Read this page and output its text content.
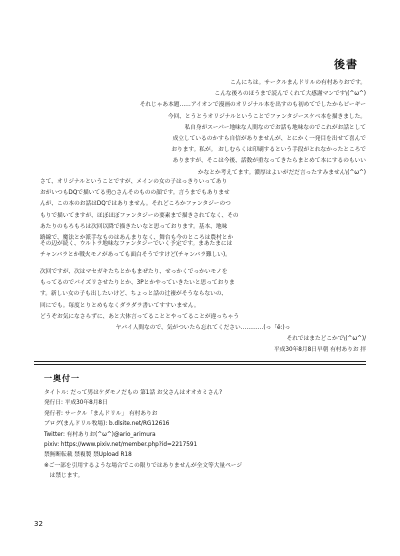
後書
こんにちは。サークルまんドリルの有村ありおです。
こんな後ろのほうまで読んでくれて大感謝マンです\(^ω^)
それじゃあ本題……アイオンで漫画のオリジナル本を出すのも初めてでしたからビーギー
今回、とうとうオリジナルということでファンタジースケベ本を描きました。
私自身がスーパー地味な人間なのでお話も地味なのでこれがお話として
成立しているのかすら自信がありませんが、とにかく一発目を出せて喜んで
おります。私が。 おしむらくは印刷するという手段がとれなかったところで
ありますが、そこは今後、話数が重なってきたらまとめて本にするのもいい
かなとか考えてます。濃厚はよいがだだ言ったすみません\(^ω^)
さて、オリジナルということですが、メインの女の子はっきりいってあり
おがいつもDQで描いてる勇○さんそのものの顔です。言うまでもありませ
んが、この本のお話はDQではありません。それどころかファンタジーのつ
もりで描いてますが、ほぼほぼファンタジーの要素まで描きされてなく、その
あたりのもろもろは次回以降で描きたいなと思っております。基本、地味
路線で、魔法とか派手なものはあんまりなく、舞台も今のところは農村とか
その辺が続く、ウルトラ地味なファンタジーでいく予定です。まあたまには
チャンバラとか戦火モノがあっても面白そうですけど(チャンバラ難しい)。
次回ですが、次はマセガキたちとかもまぜたり、せっかくでっかいモノを
もってるのでパイズリさせたりとか、3Pとかやっていきたいと思っておりま
す。新しい女の子も出したいけど、ちょっと話の辻褄がそうならないの、
回にでも。毎度とりとめもなくダラダラ書いてすすいません。
どうぞお気になさらずに、あと大体言ってることとやってることが違っちゃう
ヤバイ人間なので、気がついたら忘れてください…………(っ「ё:)っ
それではまたどこかで\(^ω^)/
平成30年8月8日早朝 有村ありお 拝
一奥付一
タイトル: だって男はケダモノだもの 第1話 お父さんはオオカミさん?
発行日: 平成30年8月8日
発行者: サークル「まんドリル」 有村ありお
ブログ(まんドリル牧場): b.dlsite.net/RG12616
Twitter: 有村ありお(^ω^)@ario_arimura
pixiv: https://www.pixiv.net/member.php?id=2217591
禁無断転載 禁複製 禁Upload R18
※ご一部を引用するような場合でこの限りではありませんが全文等大量ページ
　は禁じます。
32
